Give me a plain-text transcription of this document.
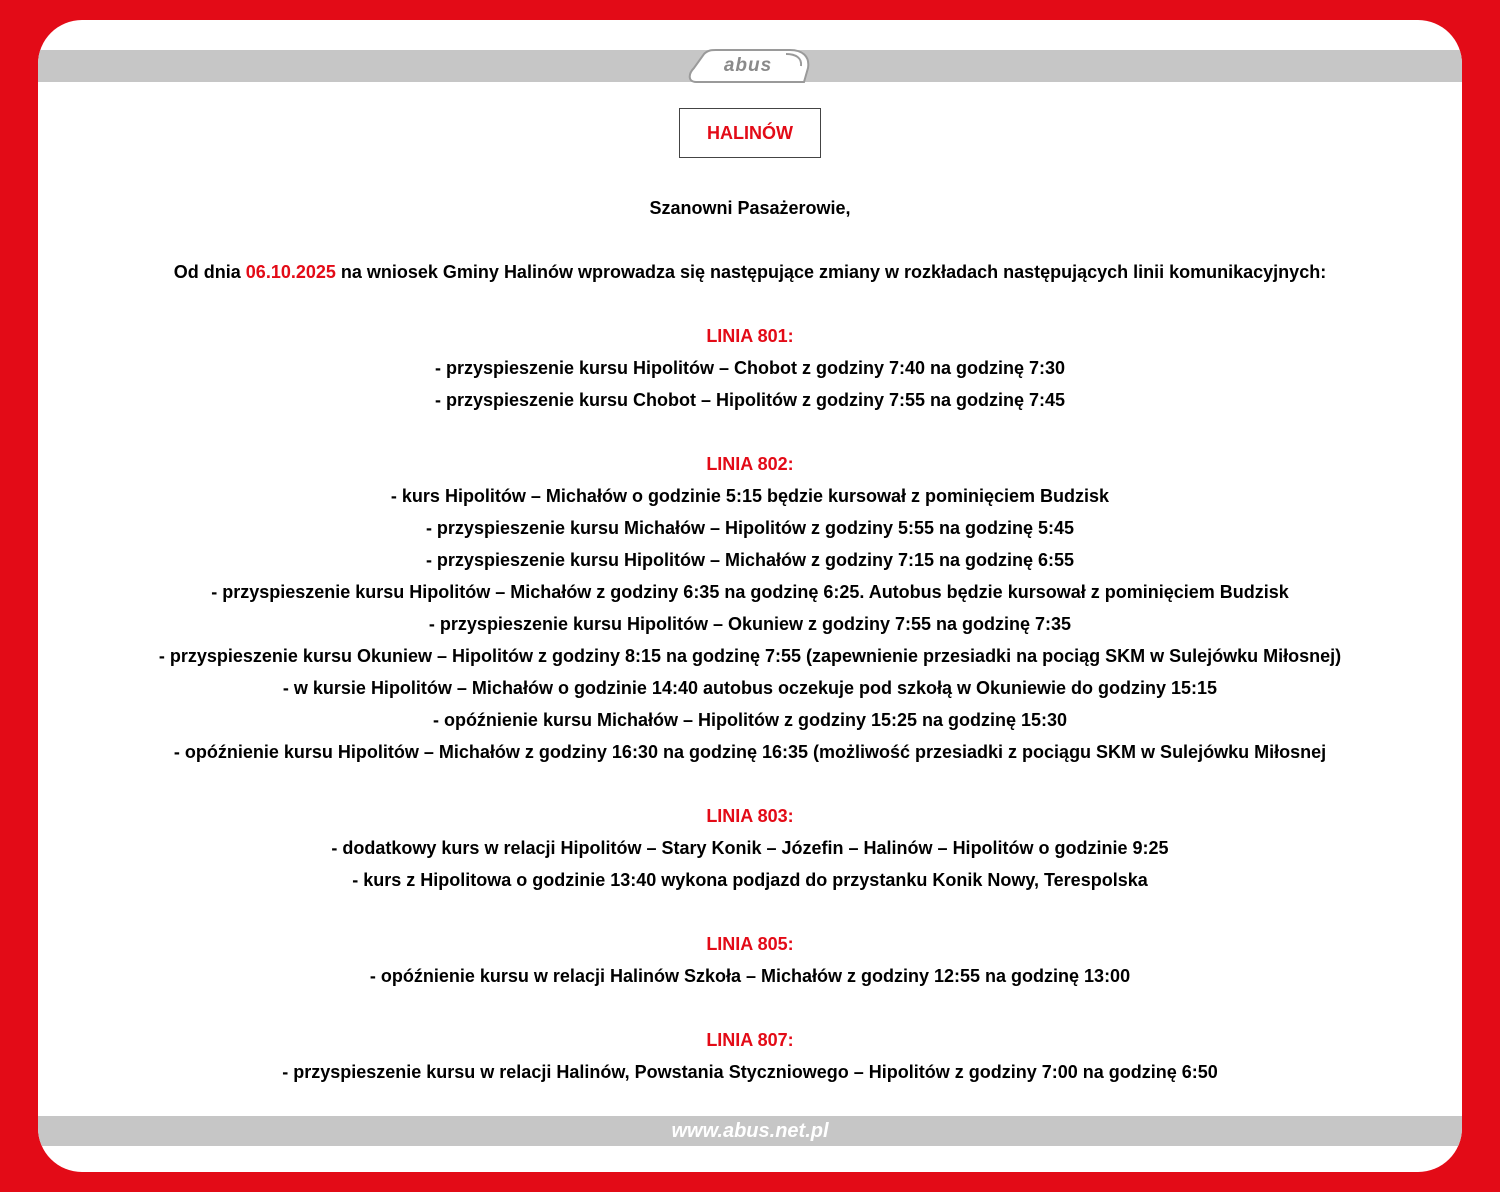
abus
HALINÓW

Szanowni Pasażerowie,

Od dnia 06.10.2025 na wniosek Gminy Halinów wprowadza się następujące zmiany w rozkładach następujących linii komunikacyjnych:

LINIA 801:

- przyspieszenie kursu Hipolitów – Chobot z godziny 7:40 na godzinę 7:30

- przyspieszenie kursu Chobot – Hipolitów z godziny 7:55 na godzinę 7:45

LINIA 802:

- kurs Hipolitów – Michałów o godzinie 5:15 będzie kursował z pominięciem Budzisk

- przyspieszenie kursu Michałów – Hipolitów z godziny 5:55 na godzinę 5:45

- przyspieszenie kursu Hipolitów – Michałów z godziny 7:15 na godzinę 6:55

- przyspieszenie kursu Hipolitów – Michałów z godziny 6:35 na godzinę 6:25. Autobus będzie kursował z pominięciem Budzisk

- przyspieszenie kursu Hipolitów – Okuniew z godziny 7:55 na godzinę 7:35

- przyspieszenie kursu Okuniew – Hipolitów z godziny 8:15 na godzinę 7:55 (zapewnienie przesiadki na pociąg SKM w Sulejówku Miłosnej)

- w kursie Hipolitów – Michałów o godzinie 14:40 autobus oczekuje pod szkołą w Okuniewie do godziny 15:15

- opóźnienie kursu Michałów – Hipolitów z godziny 15:25 na godzinę 15:30

- opóźnienie kursu Hipolitów – Michałów z godziny 16:30 na godzinę 16:35 (możliwość przesiadki z pociągu SKM w Sulejówku Miłosnej

LINIA 803:

- dodatkowy kurs w relacji Hipolitów – Stary Konik – Józefin – Halinów – Hipolitów o godzinie 9:25

- kurs z Hipolitowa o godzinie 13:40 wykona podjazd do przystanku Konik Nowy, Terespolska

LINIA 805:

- opóźnienie kursu w relacji Halinów Szkoła – Michałów z godziny 12:55 na godzinę 13:00

LINIA 807:

- przyspieszenie kursu w relacji Halinów, Powstania Styczniowego – Hipolitów z godziny 7:00 na godzinę 6:50

www.abus.net.pl
